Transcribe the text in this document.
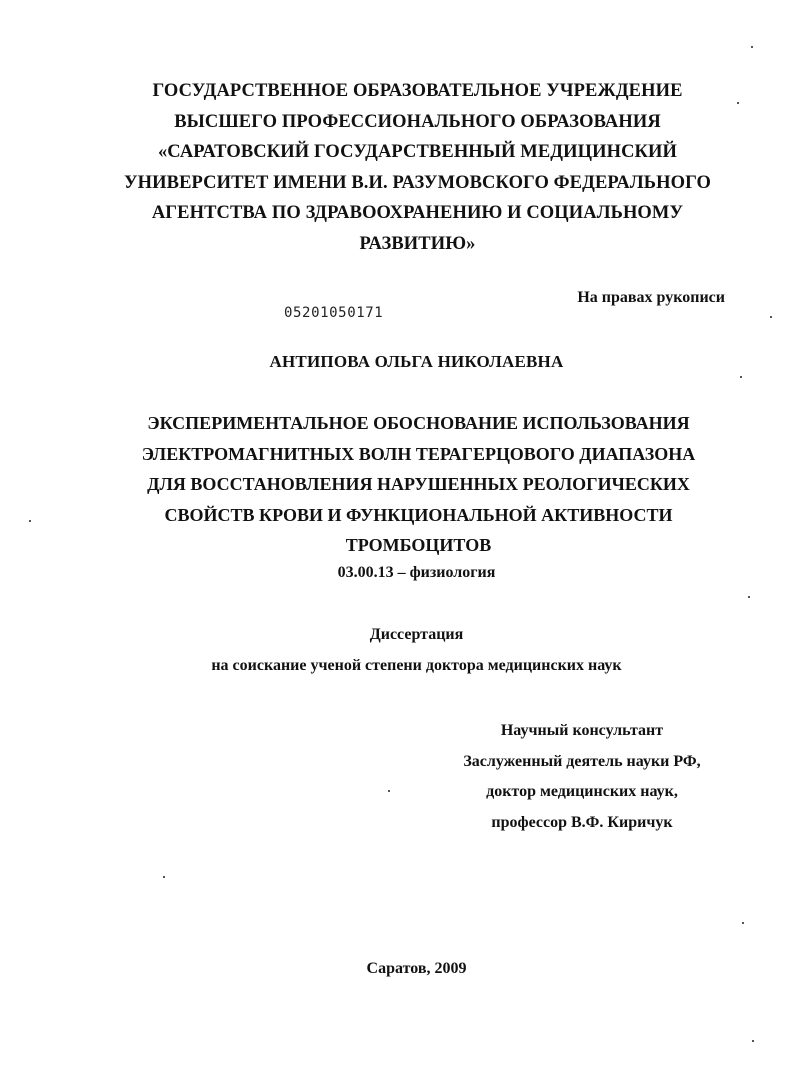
ГОСУДАРСТВЕННОЕ ОБРАЗОВАТЕЛЬНОЕ УЧРЕЖДЕНИЕ
ВЫСШЕГО ПРОФЕССИОНАЛЬНОГО ОБРАЗОВАНИЯ
«САРАТОВСКИЙ ГОСУДАРСТВЕННЫЙ МЕДИЦИНСКИЙ
УНИВЕРСИТЕТ ИМЕНИ В.И. РАЗУМОВСКОГО ФЕДЕРАЛЬНОГО
АГЕНТСТВА ПО ЗДРАВООХРАНЕНИЮ И СОЦИАЛЬНОМУ
РАЗВИТИЮ»
На правах рукописи
05201050171
АНТИПОВА ОЛЬГА НИКОЛАЕВНА
ЭКСПЕРИМЕНТАЛЬНОЕ ОБОСНОВАНИЕ ИСПОЛЬЗОВАНИЯ
ЭЛЕКТРОМАГНИТНЫХ ВОЛН ТЕРАГЕРЦОВОГО ДИАПАЗОНА
ДЛЯ ВОССТАНОВЛЕНИЯ НАРУШЕННЫХ РЕОЛОГИЧЕСКИХ
СВОЙСТВ КРОВИ И ФУНКЦИОНАЛЬНОЙ АКТИВНОСТИ
ТРОМБОЦИТОВ
03.00.13 – физиология
Диссертация
на соискание ученой степени доктора медицинских наук
Научный консультант
Заслуженный деятель науки РФ,
доктор медицинских наук,
профессор В.Ф. Киричук
Саратов, 2009
